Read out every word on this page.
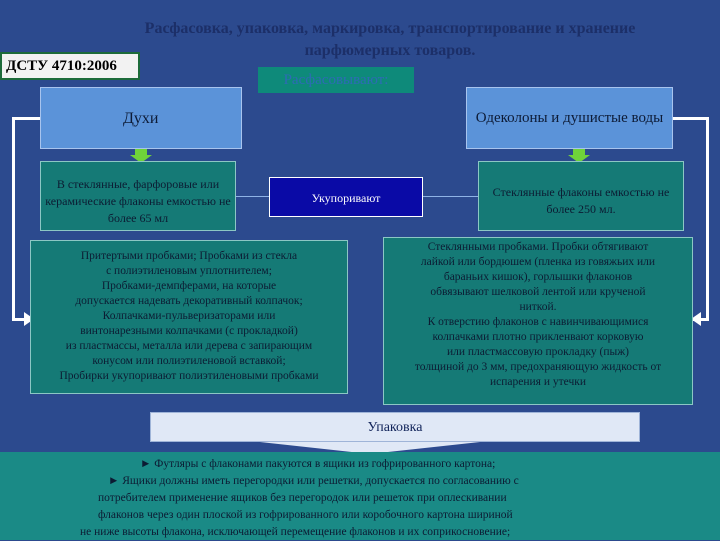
Расфасовка, упаковка, маркировка, транспортирование и хранение парфюмерных товаров.
ДСТУ 4710:2006
Расфасовывают:
Духи	Одеколоны и душистые воды
В стеклянные, фарфоровые или керамические флаконы емкостью не более 65 мл
Укупоривают	Стеклянные флаконы емкостью не более 250 мл.
Притертыми пробками; Пробками из стекла
с полиэтиленовым уплотнителем;
Пробками-демпферами, на которые
допускается надевать декоративный колпачок;
Колпачками-пульверизаторами или
винтонарезными колпачками (с прокладкой)
из пластмассы, металла или дерева с запирающим
конусом или полиэтиленовой вставкой;
Пробирки укупоривают полиэтиленовыми пробками
Стеклянными пробками. Пробки обтягивают
лайкой или бордюшем (пленка из говяжьих или
бараньих кишок), горлышки флаконов
обвязывают шелковой лентой или крученой
ниткой.
К отверстию флаконов с навинчивающимися
колпачками плотно прикленвают корковую
или пластмассовую прокладку (пыж)
толщиной до 3 мм, предохраняющую жидкость от
испарения и утечки
Упаковка
► Футляры с флаконами пакуются в ящики из гофрированного картона;
► Ящики должны иметь перегородки или решетки, допускается по согласованию с
потребителем применение ящиков без перегородок или решеток при оплескивании
флаконов через один плоской из гофрированного или коробочного картона шириной
не ниже высоты флакона, исключающей перемещение флаконов и их соприкосновение;
